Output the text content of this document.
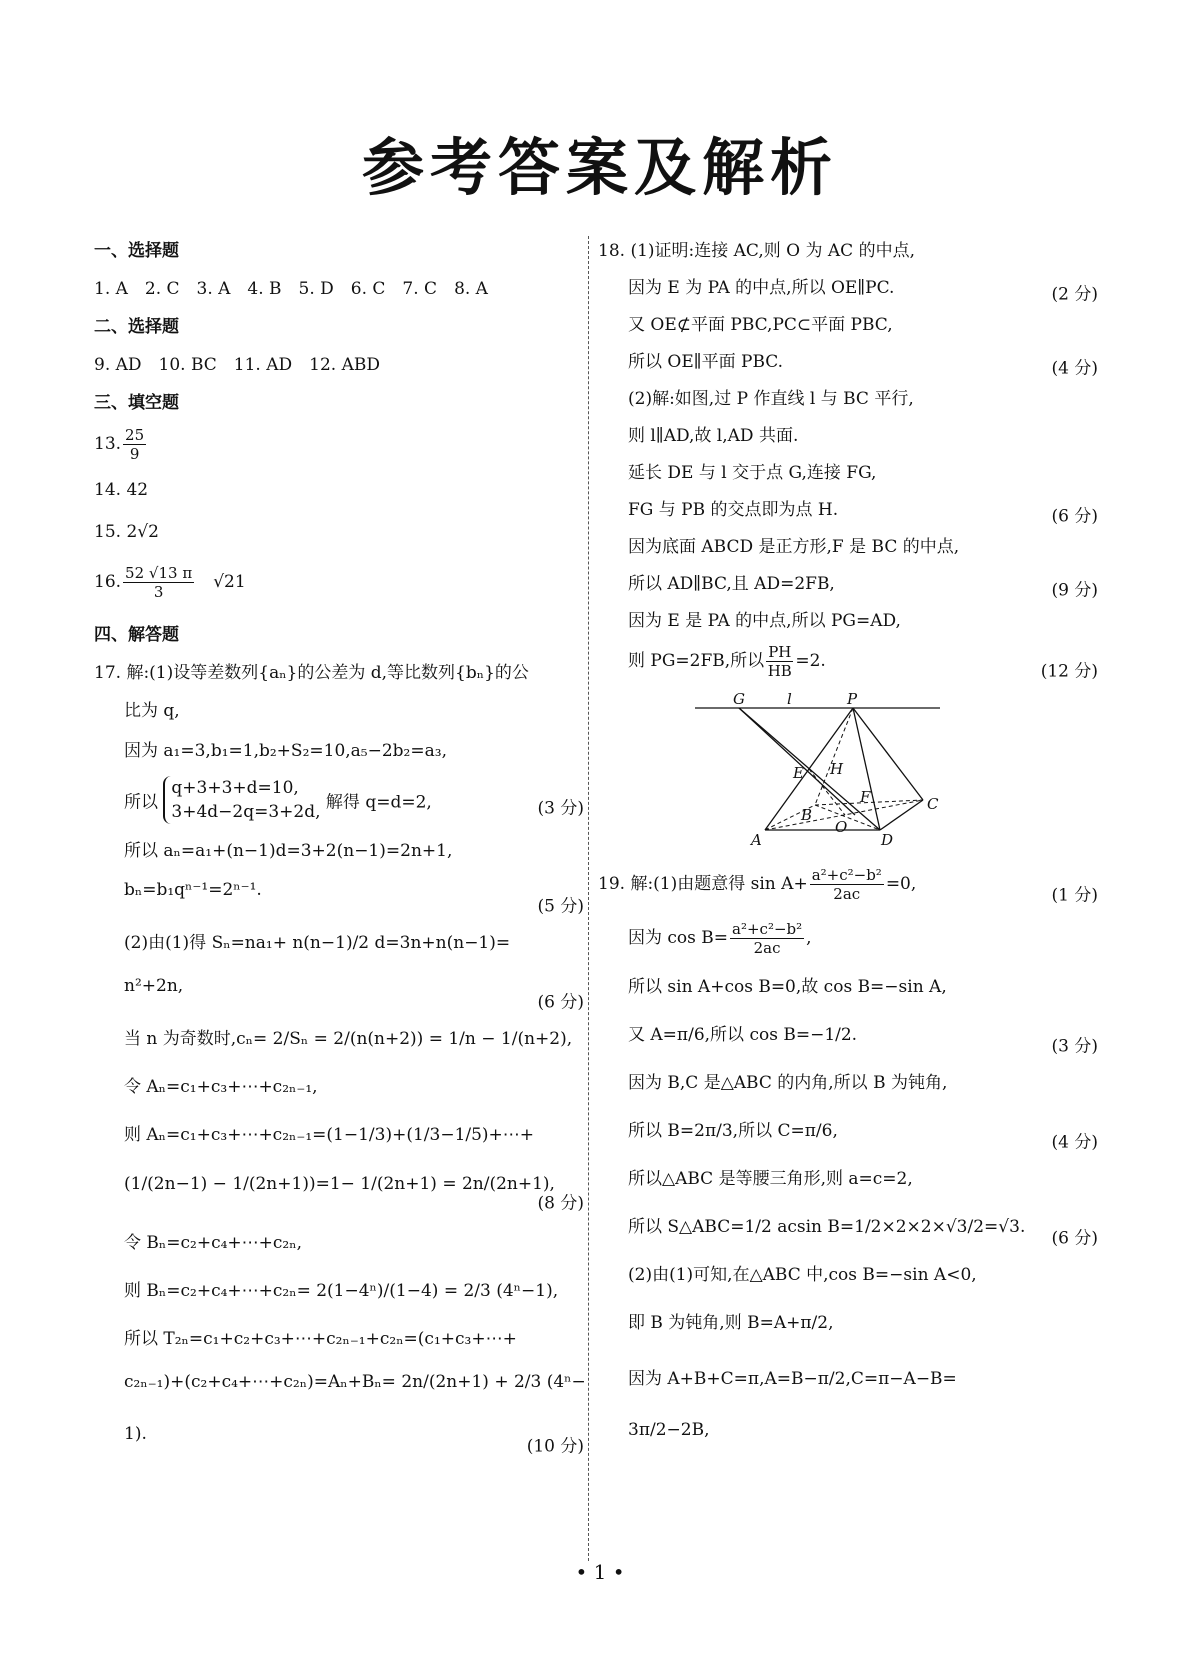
参考答案及解析
一、选择题
1. A　2. C　3. A　4. B　5. D　6. C　7. C　8. A
二、选择题
9. AD　10. BC　11. AD　12. ABD
三、填空题
13. $\frac{25}{9}$
14. 42
15. 2√2
16. $\frac{52 √13 \pi}{3}$
　 √21
四、解答题
17. 解:(1)设等差数列{aₙ}的公差为 d,等比数列{bₙ}的公
比为 q,
因为 a₁=3,b₁=1,b₂+S₂=10,a₅−2b₂=a₃,
所以
q+3+3+d=10,
3+4d−2q=3+2d, 解得 q=d=2,	(3 分)
所以 aₙ=a₁+(n−1)d=3+2(n−1)=2n+1,
bₙ=b₁qⁿ⁻¹=2ⁿ⁻¹.
(5 分)
(2)由(1)得 Sₙ=na₁+ n(n−1)/2 d=3n+n(n−1)=
n²+2n,
(6 分)
当 n 为奇数时,cₙ= 2/Sₙ = 2/(n(n+2)) = 1/n − 1/(n+2),
令 Aₙ=c₁+c₃+⋯+c₂ₙ₋₁,
则 Aₙ=c₁+c₃+⋯+c₂ₙ₋₁=(1−1/3)+(1/3−1/5)+⋯+
(1/(2n−1) − 1/(2n+1))=1− 1/(2n+1) = 2n/(2n+1),
(8 分)
令 Bₙ=c₂+c₄+⋯+c₂ₙ,
则 Bₙ=c₂+c₄+⋯+c₂ₙ= 2(1−4ⁿ)/(1−4) = 2/3 (4ⁿ−1),
所以 T₂ₙ=c₁+c₂+c₃+⋯+c₂ₙ₋₁+c₂ₙ=(c₁+c₃+⋯+
c₂ₙ₋₁)+(c₂+c₄+⋯+c₂ₙ)=Aₙ+Bₙ= 2n/(2n+1) + 2/3 (4ⁿ−
1).
(10 分)
18. (1)证明:连接 AC,则 O 为 AC 的中点,
因为 E 为 PA 的中点,所以 OE∥PC.	(2 分)
又 OE⊄平面 PBC,PC⊂平面 PBC,
所以 OE∥平面 PBC.	(4 分)
(2)解:如图,过 P 作直线 l 与 BC 平行,
则 l∥AD,故 l,AD 共面.
延长 DE 与 l 交于点 G,连接 FG,
FG 与 PB 的交点即为点 H.	(6 分)
因为底面 ABCD 是正方形,F 是 BC 的中点,
所以 AD∥BC,且 AD=2FB,	(9 分)
因为 E 是 PA 的中点,所以 PG=AD,
则 PG=2FB,所以 $\frac{PH}{HB} =2$.
(12 分)
G	l	P
E H
F	C
B
O
A	D
19. 解:(1)由题意得 $\sin A+ \frac{\text{a²+c²−b²}}{2ac} =0$,
(1 分)
因为 $\cos B= \frac{\text{a²+c²−b²}}{2ac}$ ,
所以 sin A+cos B=0,故 cos B=−sin A,
又 A=π/6,所以 cos B=−1/2.
(3 分)
因为 B,C 是△ABC 的内角,所以 B 为钝角,
所以 B=2π/3,所以 C=π/6,
(4 分)
所以△ABC 是等腰三角形,则 a=c=2,
所以 S△ABC=1/2 acsin B=1/2×2×2×√3/2=√3.
(6 分)
(2)由(1)可知,在△ABC 中,cos B=−sin A<0,
即 B 为钝角,则 B=A+π/2,
因为 A+B+C=π,A=B−π/2,C=π−A−B=
3π/2−2B,
• 1 •
